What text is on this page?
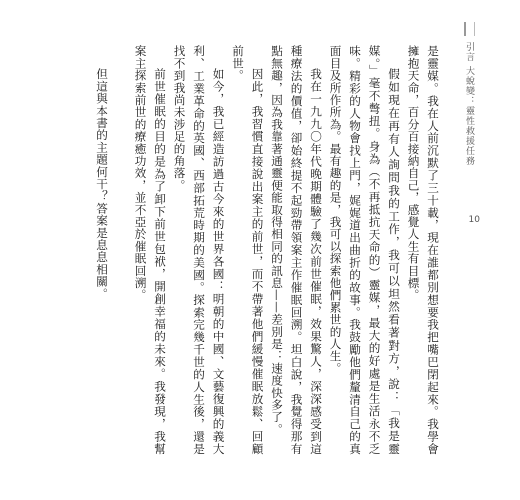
引言
大蛻變：靈性救援任務
10

是靈媒。我在人前沉默了三十載，現在誰都別想要我把嘴巴閉起來。我學會擁抱天命，百分百接納自己，感覺人生有目標。

假如現在再有人詢問我的工作，我可以坦然看著對方，說：「我是靈媒。」毫不彆扭。身為（不再抵抗天命的）靈媒，最大的好處是生活永不乏味。精彩的人物會找上門，娓娓道出曲折的故事。我鼓勵他們釐清自己的真面目及所作所為。最有趣的是，我可以探索他們累世的人生。

我在一九九〇年代晚期體驗了幾次前世催眠，效果驚人，深深感受到這種療法的價值，卻始終提不起勁帶領案主作催眠回溯。坦白說，我覺得那有點無趣，因為我靠著通靈便能取得相同的訊息——差別是：速度快多了。

因此，我習慣直接說出案主的前世，而不帶著他們緩慢催眠放鬆、回顧前世。

如今，我已經造訪過古今來的世界各國：明朝的中國、文藝復興的義大利、工業革命的英國、西部拓荒時期的美國。探索完幾千世的人生後，還是找不到我尚未涉足的角落。

前世催眠的目的是為了卸下前世包袱，開創幸福的未來。我發現，我幫案主探索前世的療癒功效，並不亞於催眠回溯。

但這與本書的主題何干？答案是息息相關。
